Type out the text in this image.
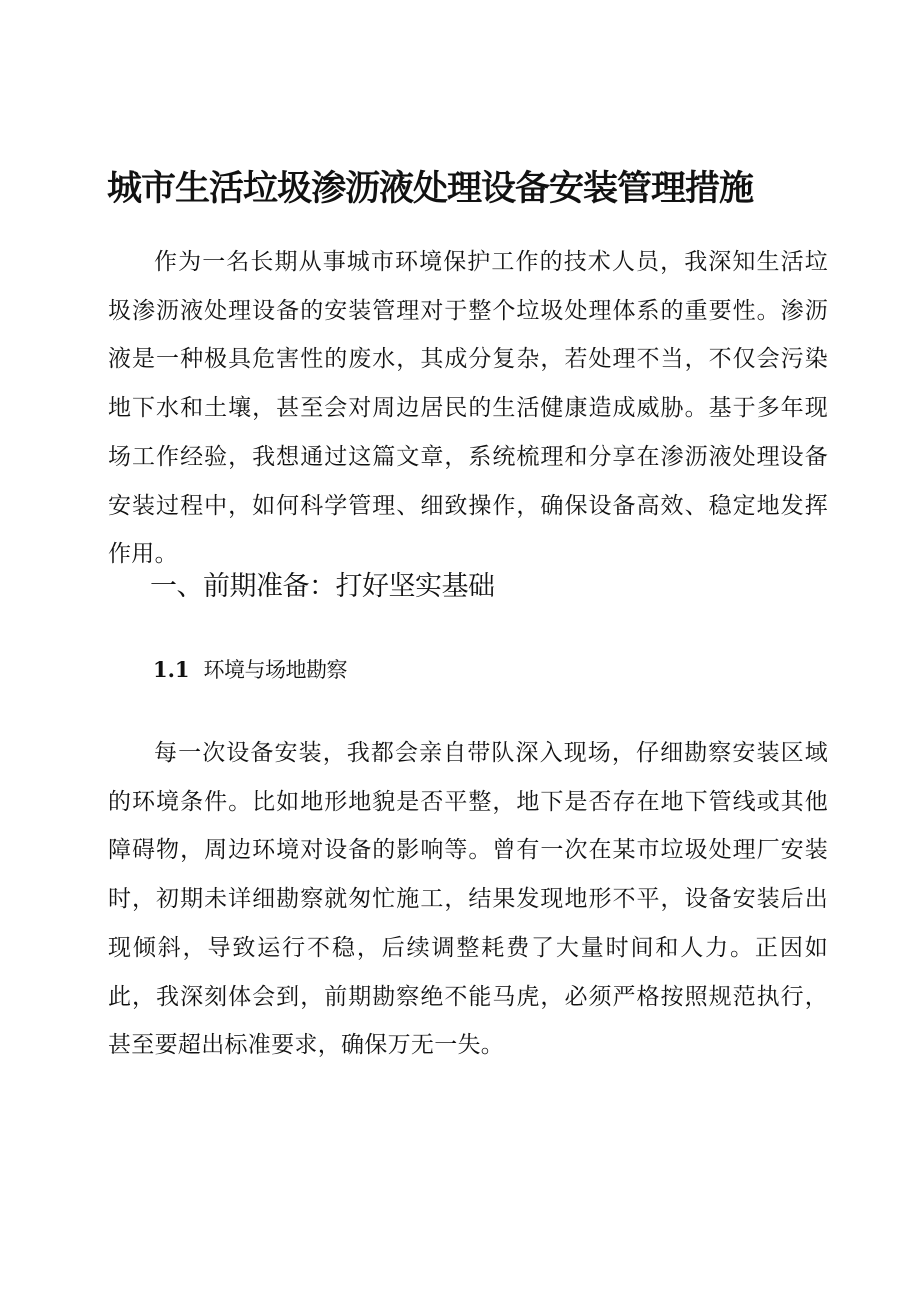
城市生活垃圾渗沥液处理设备安装管理措施

作为一名长期从事城市环境保护工作的技术人员，我深知生活垃圾渗沥液处理设备的安装管理对于整个垃圾处理体系的重要性。渗沥液是一种极具危害性的废水，其成分复杂，若处理不当，不仅会污染地下水和土壤，甚至会对周边居民的生活健康造成威胁。基于多年现场工作经验，我想通过这篇文章，系统梳理和分享在渗沥液处理设备安装过程中，如何科学管理、细致操作，确保设备高效、稳定地发挥作用。

一、前期准备：打好坚实基础
1.1 环境与场地勘察

每一次设备安装，我都会亲自带队深入现场，仔细勘察安装区域的环境条件。比如地形地貌是否平整，地下是否存在地下管线或其他障碍物，周边环境对设备的影响等。曾有一次在某市垃圾处理厂安装时，初期未详细勘察就匆忙施工，结果发现地形不平，设备安装后出现倾斜，导致运行不稳，后续调整耗费了大量时间和人力。正因如此，我深刻体会到，前期勘察绝不能马虎，必须严格按照规范执行，甚至要超出标准要求，确保万无一失。
